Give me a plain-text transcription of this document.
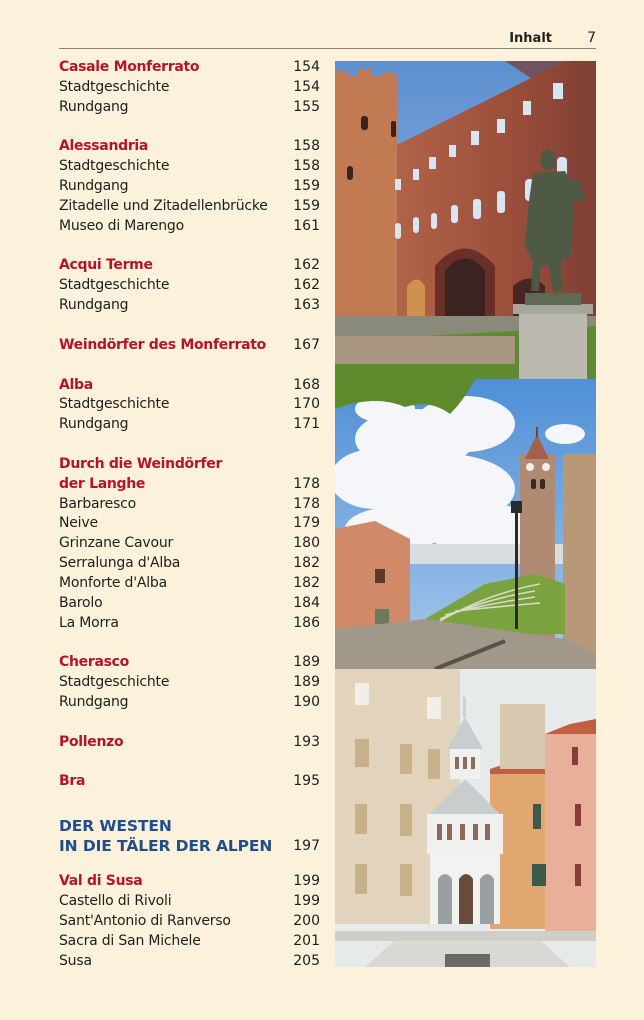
Inhalt	7
Casale Monferrato	154
Stadtgeschichte	154
Rundgang	155
Alessandria	158
Stadtgeschichte	158
Rundgang	159
Zitadelle und Zitadellenbrücke 159
Museo di Marengo	161
Acqui Terme	162
Stadtgeschichte	162
Rundgang	163
Weindörfer des Monferrato 167
Alba	168
Stadtgeschichte	170
Rundgang	171
Durch die Weindörfer
der Langhe	178
Barbaresco	178
Neive	179
Grinzane Cavour	180
Serralunga d'Alba	182
Monforte d'Alba	182
Barolo	184
La Morra	186
Cherasco	189
Stadtgeschichte	189
Rundgang	190
Pollenzo	193
Bra	195
DER WESTEN
IN DIE TÄLER DER ALPEN 197
Val di Susa	199
Castello di Rivoli	199
Sant'Antonio di Ranverso	200
Sacra di San Michele	201
Susa	205
